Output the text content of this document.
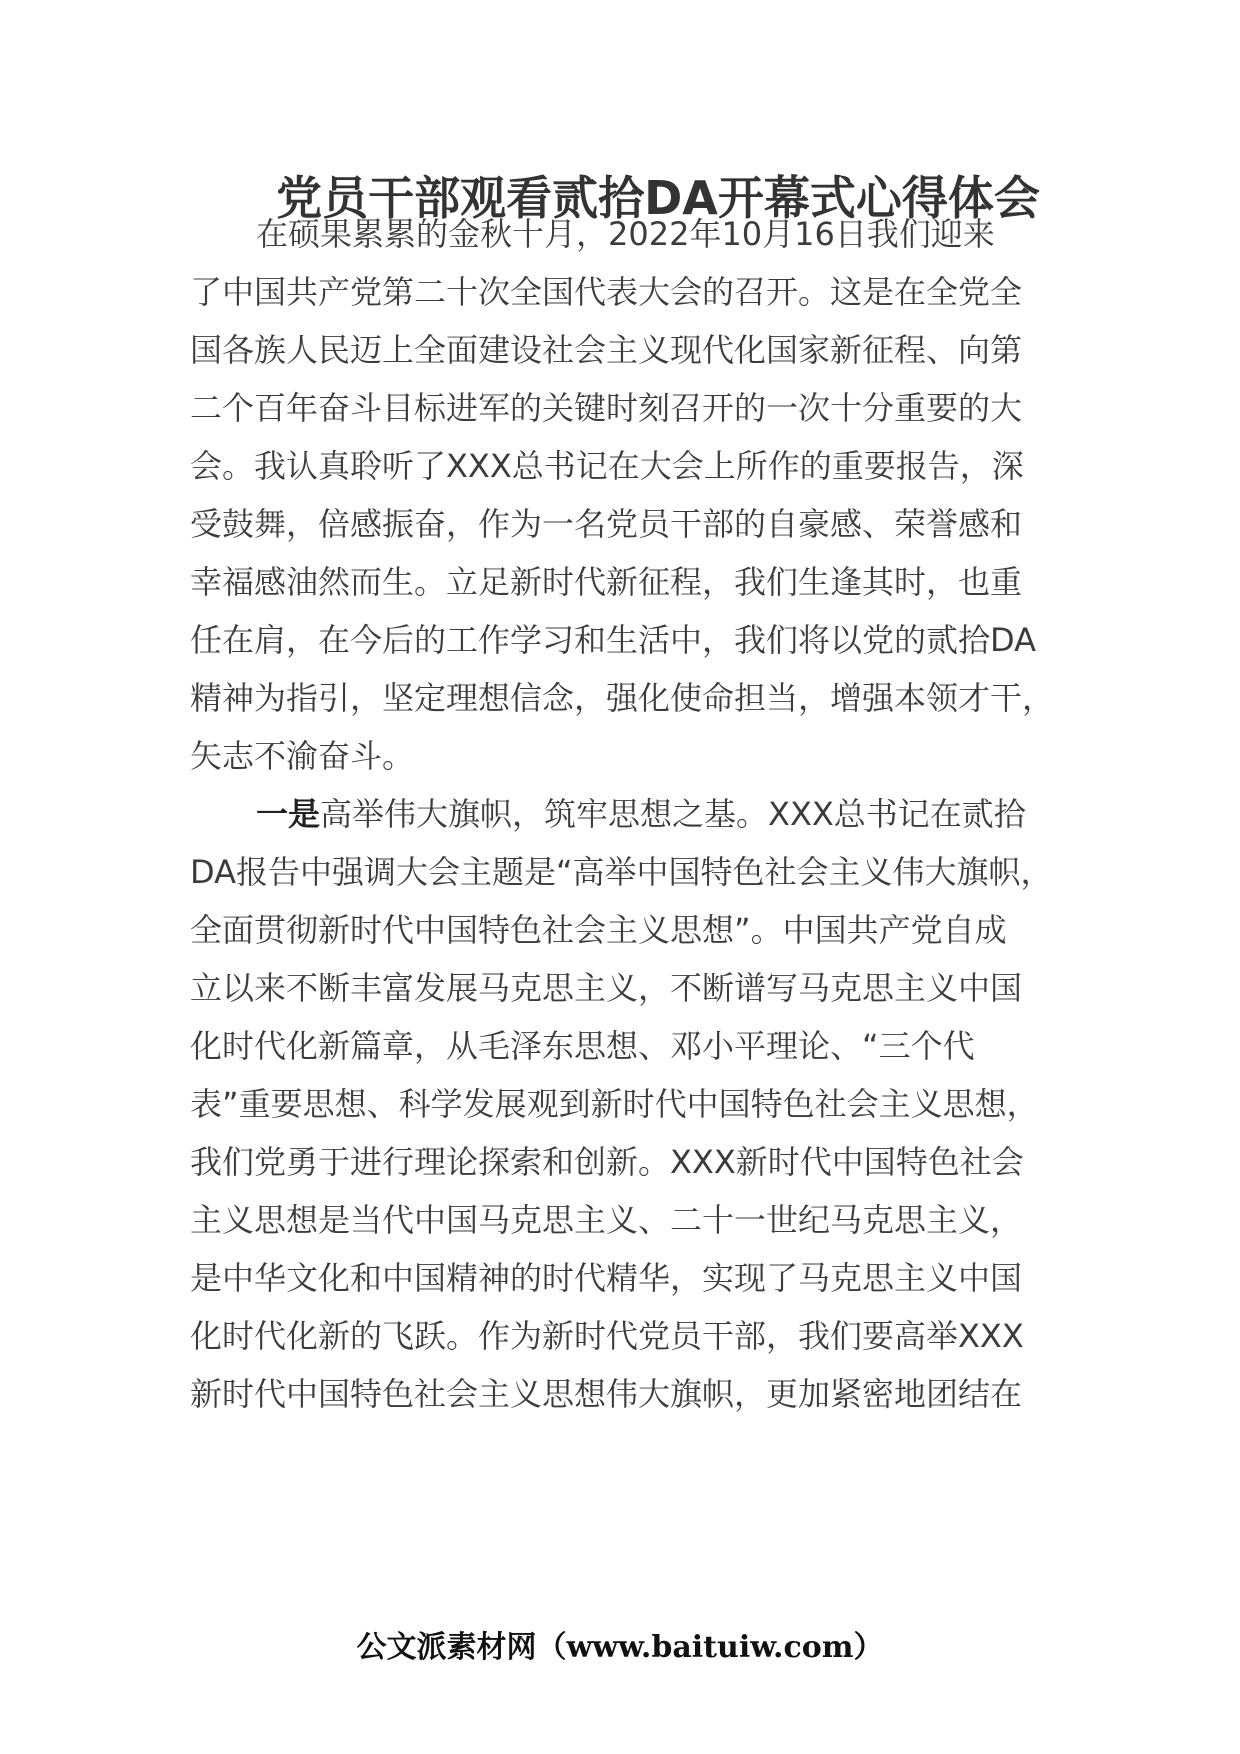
党员干部观看贰拾DA开幕式心得体会
在硕果累累的金秋十月，2022年10月16日我们迎来
了中国共产党第二十次全国代表大会的召开。这是在全党全
国各族人民迈上全面建设社会主义现代化国家新征程、向第
二个百年奋斗目标进军的关键时刻召开的一次十分重要的大
会。我认真聆听了XXX总书记在大会上所作的重要报告，深
受鼓舞，倍感振奋，作为一名党员干部的自豪感、荣誉感和
幸福感油然而生。立足新时代新征程，我们生逢其时，也重
任在肩，在今后的工作学习和生活中，我们将以党的贰拾DA
精神为指引，坚定理想信念，强化使命担当，增强本领才干，
矢志不渝奋斗。
一是高举伟大旗帜，筑牢思想之基。XXX总书记在贰拾
DA报告中强调大会主题是“高举中国特色社会主义伟大旗帜，
全面贯彻新时代中国特色社会主义思想”。中国共产党自成
立以来不断丰富发展马克思主义，不断谱写马克思主义中国
化时代化新篇章，从毛泽东思想、邓小平理论、“三个代
表”重要思想、科学发展观到新时代中国特色社会主义思想，
我们党勇于进行理论探索和创新。XXX新时代中国特色社会
主义思想是当代中国马克思主义、二十一世纪马克思主义，
是中华文化和中国精神的时代精华，实现了马克思主义中国
化时代化新的飞跃。作为新时代党员干部，我们要高举XXX
新时代中国特色社会主义思想伟大旗帜，更加紧密地团结在
公文派素材网（www.baituiw.com）
